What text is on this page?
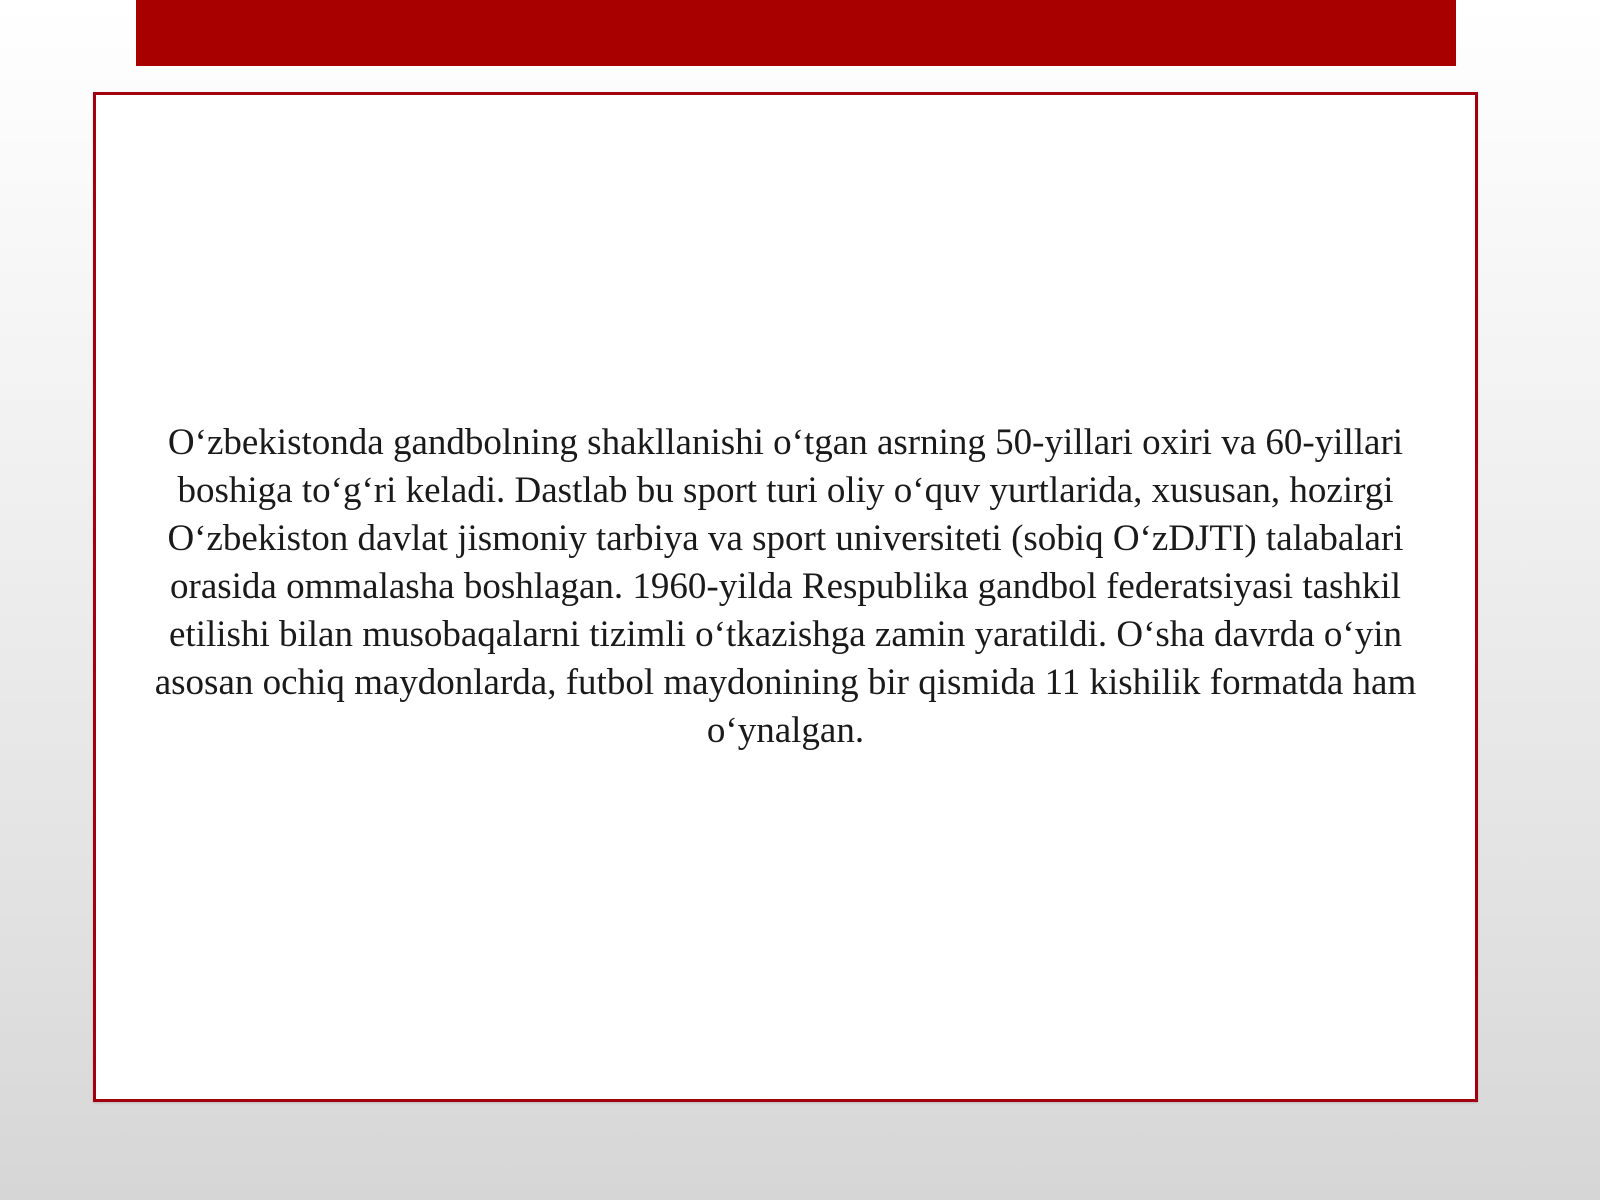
O‘zbekistonda gandbolning shakllanishi o‘tgan asrning 50-yillari oxiri va 60-yillari boshiga to‘g‘ri keladi. Dastlab bu sport turi oliy o‘quv yurtlarida, xususan, hozirgi O‘zbekiston davlat jismoniy tarbiya va sport universiteti (sobiq O‘zDJTI) talabalari orasida ommalasha boshlagan. 1960-yilda Respublika gandbol federatsiyasi tashkil etilishi bilan musobaqalarni tizimli o‘tkazishga zamin yaratildi. O‘sha davrda o‘yin asosan ochiq maydonlarda, futbol maydonining bir qismida 11 kishilik formatda ham o‘ynalgan.
